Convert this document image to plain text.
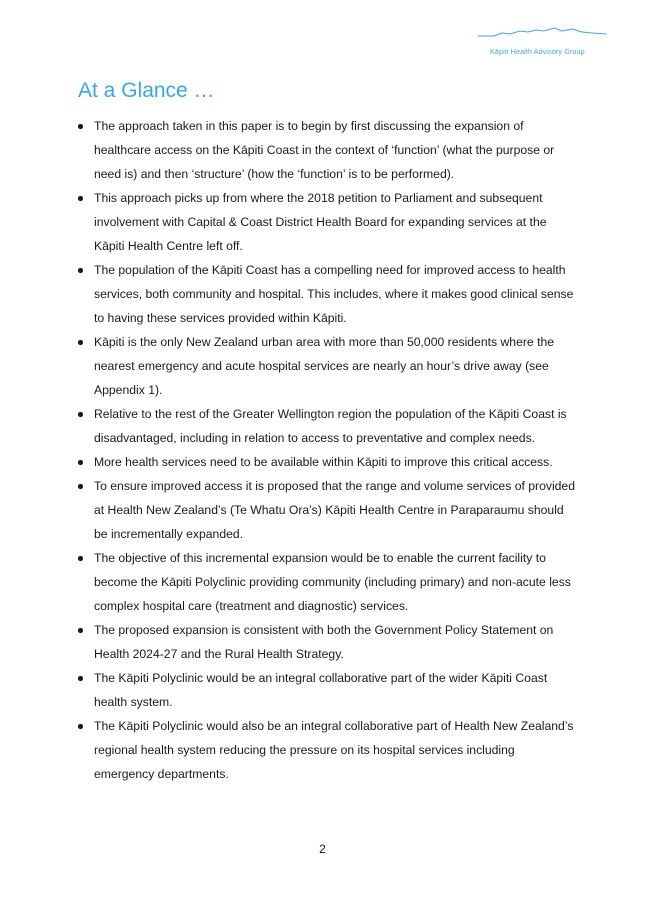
Kāpiti Health Advisory Group
At a Glance …
The approach taken in this paper is to begin by first discussing the expansion of healthcare access on the Kāpiti Coast in the context of ‘function’ (what the purpose or need is) and then ‘structure’ (how the ‘function’ is to be performed).
This approach picks up from where the 2018 petition to Parliament and subsequent involvement with Capital & Coast District Health Board for expanding services at the Kāpiti Health Centre left off.
The population of the Kāpiti Coast has a compelling need for improved access to health services, both community and hospital. This includes, where it makes good clinical sense to having these services provided within Kāpiti.
Kāpiti is the only New Zealand urban area with more than 50,000 residents where the nearest emergency and acute hospital services are nearly an hour’s drive away (see Appendix 1).
Relative to the rest of the Greater Wellington region the population of the Kāpiti Coast is disadvantaged, including in relation to access to preventative and complex needs.
More health services need to be available within Kāpiti to improve this critical access.
To ensure improved access it is proposed that the range and volume services of provided at Health New Zealand’s (Te Whatu Ora’s) Kāpiti Health Centre in Paraparaumu should be incrementally expanded.
The objective of this incremental expansion would be to enable the current facility to become the Kāpiti Polyclinic providing community (including primary) and non-acute less complex hospital care (treatment and diagnostic) services.
The proposed expansion is consistent with both the Government Policy Statement on Health 2024-27 and the Rural Health Strategy.
The Kāpiti Polyclinic would be an integral collaborative part of the wider Kāpiti Coast health system.
The Kāpiti Polyclinic would also be an integral collaborative part of Health New Zealand’s regional health system reducing the pressure on its hospital services including emergency departments.
2
